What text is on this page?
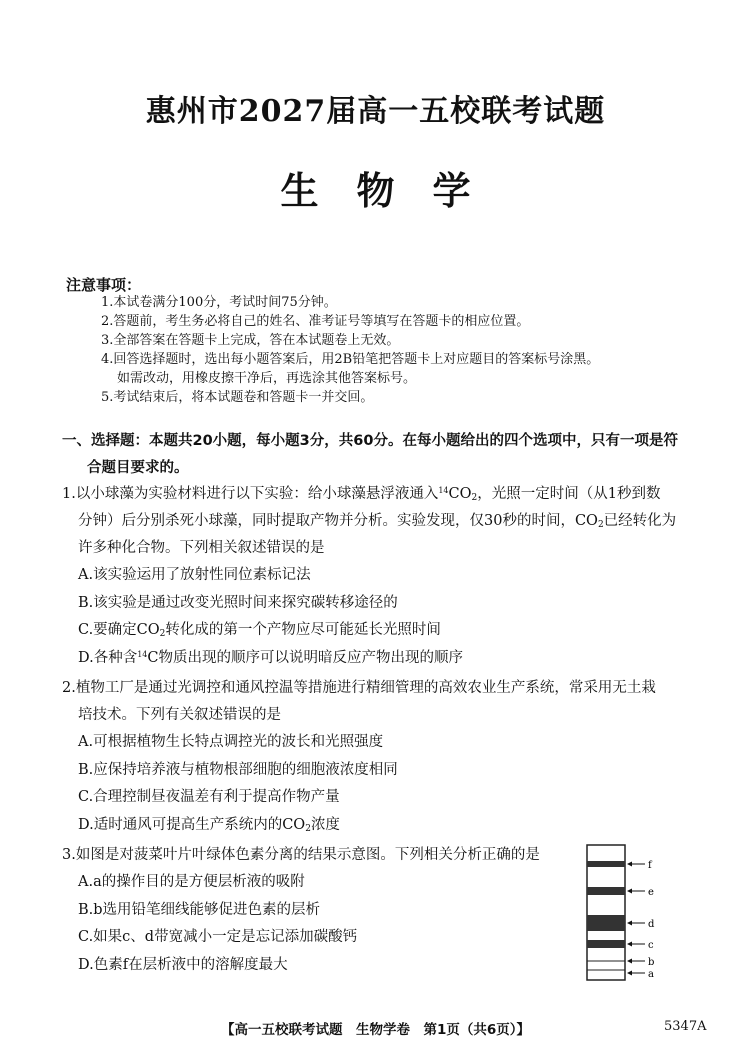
惠州市2027届高一五校联考试题
生物学
注意事项：
1.本试卷满分100分，考试时间75分钟。
2.答题前，考生务必将自己的姓名、准考证号等填写在答题卡的相应位置。
3.全部答案在答题卡上完成，答在本试题卷上无效。
4.回答选择题时，选出每小题答案后，用2B铅笔把答题卡上对应题目的答案标号涂黑。
如需改动，用橡皮擦干净后，再选涂其他答案标号。
5.考试结束后，将本试题卷和答题卡一并交回。
一、选择题：本题共20小题，每小题3分，共60分。在每小题给出的四个选项中，只有一项是符
合题目要求的。
1.以小球藻为实验材料进行以下实验：给小球藻悬浮液通入$^{14}CO_2$，光照一定时间（从1秒到数
分钟）后分别杀死小球藻，同时提取产物并分析。实验发现，仅30秒的时间，$CO_2$已经转化为
许多种化合物。下列相关叙述错误的是
A.该实验运用了放射性同位素标记法
B.该实验是通过改变光照时间来探究碳转移途径的
C.要确定$CO_2$转化成的第一个产物应尽可能延长光照时间
D.各种含$^{14}$C物质出现的顺序可以说明暗反应产物出现的顺序
2.植物工厂是通过光调控和通风控温等措施进行精细管理的高效农业生产系统，常采用无土栽
培技术。下列有关叙述错误的是
A.可根据植物生长特点调控光的波长和光照强度
B.应保持培养液与植物根部细胞的细胞液浓度相同
C.合理控制昼夜温差有利于提高作物产量
D.适时通风可提高生产系统内的$CO_2$浓度
3.如图是对菠菜叶片叶绿体色素分离的结果示意图。下列相关分析正确的是
A.a的操作目的是方便层析液的吸附
B.b选用铅笔细线能够促进色素的层析
C.如果c、d带宽减小一定是忘记添加碳酸钙
D.色素f在层析液中的溶解度最大
f
e
d
c
b
a
【高一五校联考试题　生物学卷　第1页（共6页）】	5347A
